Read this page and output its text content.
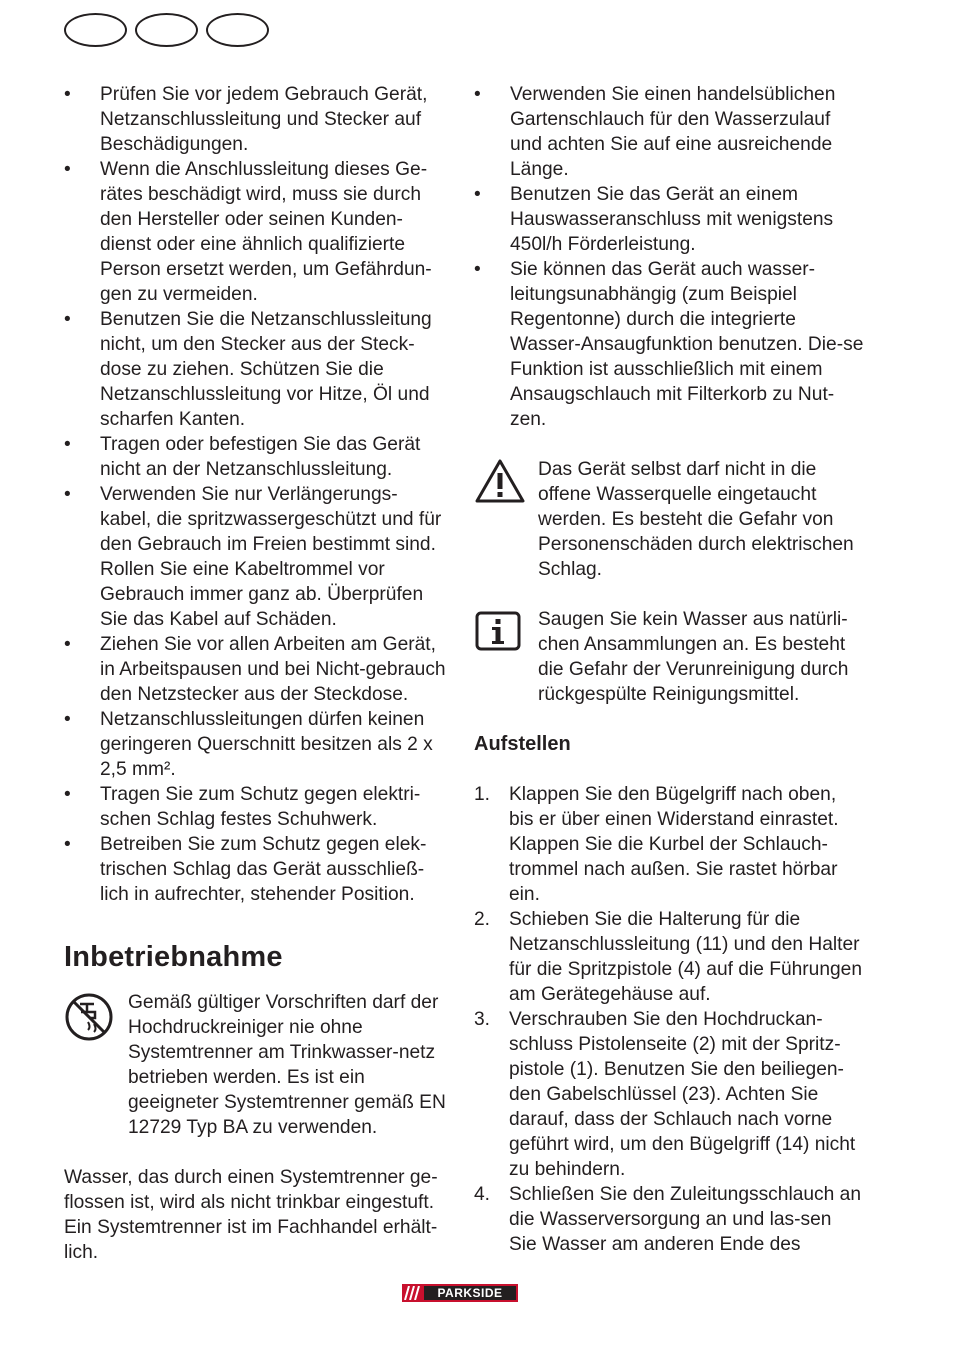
• Prüfen Sie vor jedem Gebrauch Gerät, Netzanschlussleitung und Stecker auf Beschädigungen.
• Wenn die Anschlussleitung dieses Ge-rätes beschädigt wird, muss sie durch den Hersteller oder seinen Kunden-dienst oder eine ähnlich qualifizierte Person ersetzt werden, um Gefährdun-gen zu vermeiden.
• Benutzen Sie die Netzanschlussleitung nicht, um den Stecker aus der Steck-dose zu ziehen. Schützen Sie die Netzanschlussleitung vor Hitze, Öl und scharfen Kanten.
• Tragen oder befestigen Sie das Gerät nicht an der Netzanschlussleitung.
• Verwenden Sie nur Verlängerungs-kabel, die spritzwassergeschützt und für den Gebrauch im Freien bestimmt sind. Rollen Sie eine Kabeltrommel vor Gebrauch immer ganz ab. Überprüfen Sie das Kabel auf Schäden.
• Ziehen Sie vor allen Arbeiten am Gerät, in Arbeitspausen und bei Nicht-gebrauch den Netzstecker aus der Steckdose.
• Netzanschlussleitungen dürfen keinen geringeren Querschnitt besitzen als 2 x 2,5 mm².
• Tragen Sie zum Schutz gegen elektri-schen Schlag festes Schuhwerk.
• Betreiben Sie zum Schutz gegen elek-trischen Schlag das Gerät ausschließ-lich in aufrechter, stehender Position.
Inbetriebnahme
Gemäß gültiger Vorschriften darf der Hochdruckreiniger nie ohne Systemtrenner am Trinkwasser-netz betrieben werden. Es ist ein geeigneter Systemtrenner gemäß EN 12729 Typ BA zu verwenden.

Wasser, das durch einen Systemtrenner ge-flossen ist, wird als nicht trinkbar eingestuft. Ein Systemtrenner ist im Fachhandel erhält-lich.

• Verwenden Sie einen handelsüblichen Gartenschlauch für den Wasserzulauf und achten Sie auf eine ausreichende Länge.
• Benutzen Sie das Gerät an einem Hauswasseranschluss mit wenigstens 450l/h Förderleistung.
• Sie können das Gerät auch wasser-leitungsunabhängig (zum Beispiel Regentonne) durch die integrierte Wasser-Ansaugfunktion benutzen. Die-se Funktion ist ausschließlich mit einem Ansaugschlauch mit Filterkorb zu Nut-zen.
Das Gerät selbst darf nicht in die offene Wasserquelle eingetaucht werden. Es besteht die Gefahr von Personenschäden durch elektrischen Schlag.
Saugen Sie kein Wasser aus natürli-chen Ansammlungen an. Es besteht die Gefahr der Verunreinigung durch rückgespülte Reinigungsmittel.
Aufstellen
1. Klappen Sie den Bügelgriff nach oben, bis er über einen Widerstand einrastet. Klappen Sie die Kurbel der Schlauch-trommel nach außen. Sie rastet hörbar ein.
2. Schieben Sie die Halterung für die Netzanschlussleitung (11) und den Halter für die Spritzpistole (4) auf die Führungen am Gerätegehäuse auf.
3. Verschrauben Sie den Hochdruckan-schluss Pistolenseite (2) mit der Spritz-pistole (1). Benutzen Sie den beiliegen-den Gabelschlüssel (23). Achten Sie darauf, dass der Schlauch nach vorne geführt wird, um den Bügelgriff (14) nicht zu behindern.
4. Schließen Sie den Zuleitungsschlauch an die Wasserversorgung an und las-sen Sie Wasser am anderen Ende des
PARKSIDE
